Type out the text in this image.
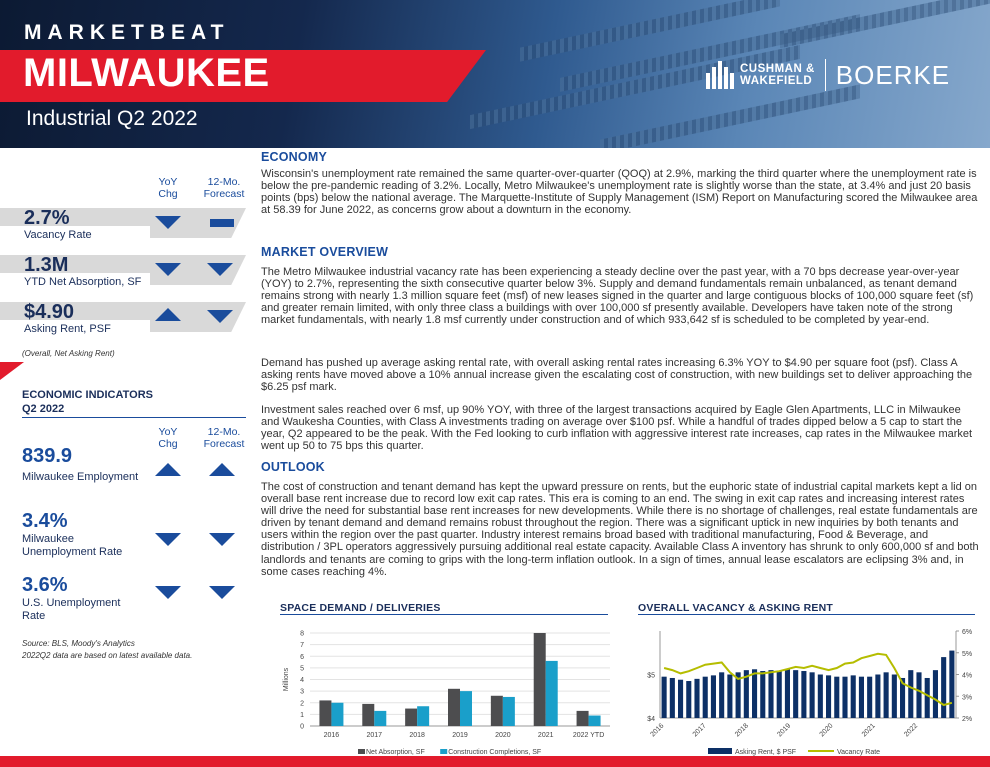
MARKETBEAT
MILWAUKEE
Industrial Q2 2022
CUSHMAN &
WAKEFIELD BOERKE
YoY Chg
12-Mo. Forecast
2.7%
Vacancy Rate
1.3M
YTD Net Absorption, SF
$4.90
Asking Rent, PSF
(Overall, Net Asking Rent)
ECONOMIC INDICATORS
Q2 2022
YoY Chg
12-Mo. Forecast
839.9
Milwaukee Employment
3.4%
Milwaukee Unemployment Rate
3.6%
U.S. Unemployment Rate
Source: BLS, Moody's Analytics
2022Q2 data are based on latest available data.
ECONOMY
Wisconsin's unemployment rate remained the same quarter-over-quarter (QOQ) at 2.9%, marking the third quarter where the unemployment rate is below the pre-pandemic reading of 3.2%. Locally, Metro Milwaukee's unemployment rate is slightly worse than the state, at 3.4% and just 20 basis points (bps) below the national average. The Marquette-Institute of Supply Management (ISM) Report on Manufacturing scored the Milwaukee area at 58.39 for June 2022, as concerns grow about a downturn in the economy.
MARKET OVERVIEW
The Metro Milwaukee industrial vacancy rate has been experiencing a steady decline over the past year, with a 70 bps decrease year-over-year (YOY) to 2.7%, representing the sixth consecutive quarter below 3%. Supply and demand fundamentals remain unbalanced, as tenant demand remains strong with nearly 1.3 million square feet (msf) of new leases signed in the quarter and large contiguous blocks of 100,000 square feet (sf) and greater remain limited, with only three class a buildings with over 100,000 sf presently available. Developers have taken note of the strong market fundamentals, with nearly 1.8 msf currently under construction and of which 933,642 sf is scheduled to be completed by year-end.
Demand has pushed up average asking rental rate, with overall asking rental rates increasing 6.3% YOY to $4.90 per square foot (psf). Class A asking rents have moved above a 10% annual increase given the escalating cost of construction, with new buildings set to deliver approaching the $6.25 psf mark.
Investment sales reached over 6 msf, up 90% YOY, with three of the largest transactions acquired by Eagle Glen Apartments, LLC in Milwaukee and Waukesha Counties, with Class A investments trading on average over $100 psf. While a handful of trades dipped below a 5 cap to start the year, Q2 appeared to be the peak. With the Fed looking to curb inflation with aggressive interest rate increases, cap rates in the Milwaukee market went up 50 to 75 bps this quarter.
OUTLOOK
The cost of construction and tenant demand has kept the upward pressure on rents, but the euphoric state of industrial capital markets kept a lid on overall base rent increase due to record low exit cap rates. This era is coming to an end. The swing in exit cap rates and increasing interest rates will drive the need for substantial base rent increases for new developments. While there is no shortage of challenges, real estate fundamentals are driven by tenant demand and demand remains robust throughout the region. There was a significant uptick in new inquiries by both tenants and users within the region over the past quarter. Industry interest remains broad based with traditional manufacturing, Food & Beverage, and distribution / 3PL operators aggressively pursuing additional real estate capacity. Available Class A inventory has shrunk to only 600,000 sf and both landlords and tenants are coming to grips with the long-term inflation outlook. In a sign of times, annual lease escalators are eclipsing 3% and, in some cases reaching 4%.
SPACE DEMAND / DELIVERIES	OVERALL VACANCY & ASKING RENT
0
1
2
3
4
5
6
7
8
Millions
2016	2017	2018	2019	2020	2021	2022 YTD
Net Absorption, SF	Construction Completions, SF
$4
$5
2%
3%
4%
5%
6%
2016	2017	2018	2019	2020	2021	2022
Asking Rent, $ PSF	Vacancy Rate
